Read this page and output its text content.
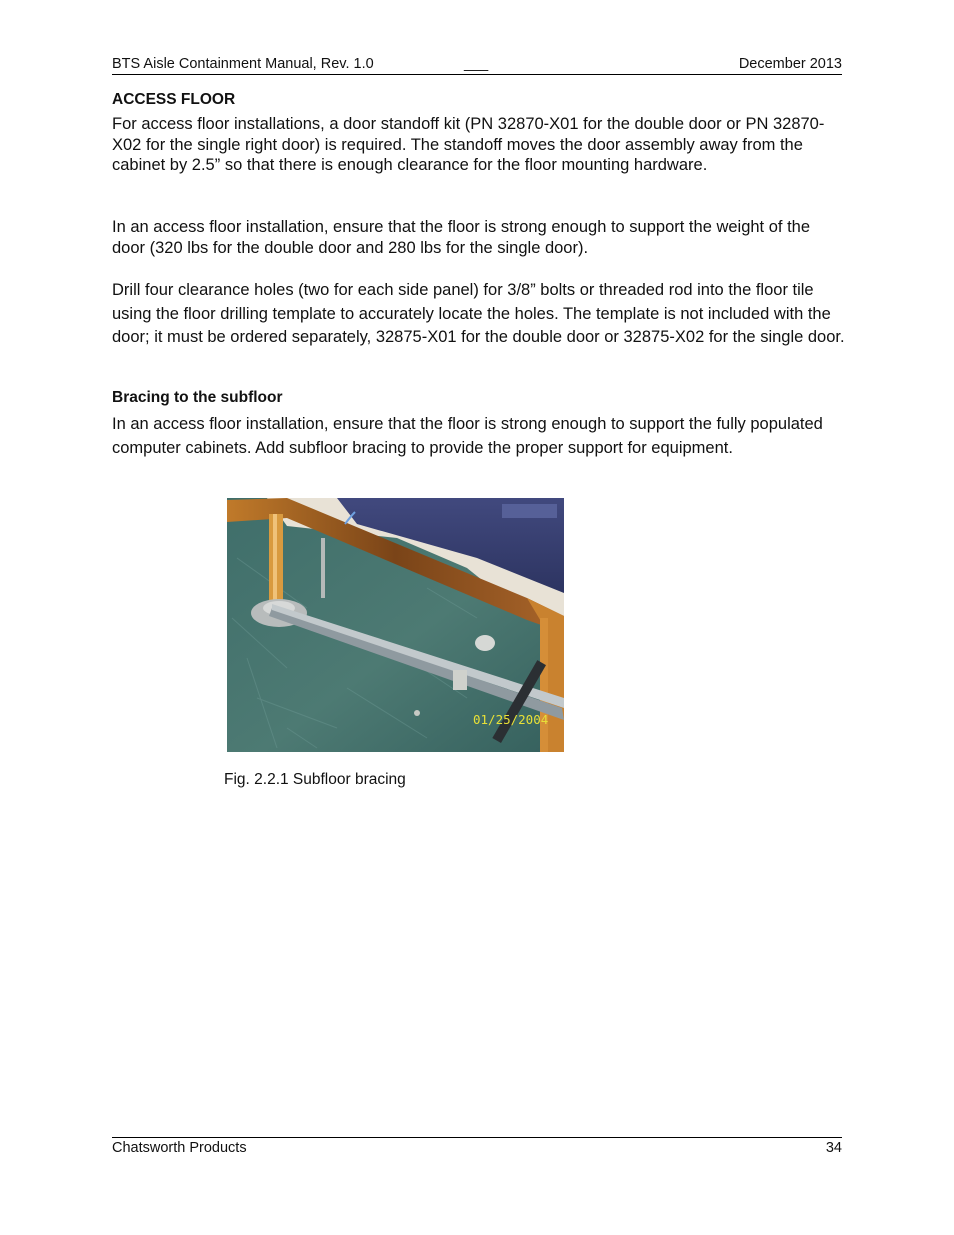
BTS Aisle Containment Manual, Rev. 1.0	___	December 2013
ACCESS FLOOR
For access floor installations, a door standoff kit (PN 32870-X01 for the double door or PN 32870-X02 for the single right door) is required. The standoff moves the door assembly away from the cabinet by 2.5” so that there is enough clearance for the floor mounting hardware.
In an access floor installation, ensure that the floor is strong enough to support the weight of the door (320 lbs for the double door and 280 lbs for the single door).
Drill four clearance holes (two for each side panel) for 3/8” bolts or threaded rod into the floor tile using the floor drilling template to accurately locate the holes. The template is not included with the door; it must be ordered separately, 32875-X01 for the double door or 32875-X02 for the single door.
Bracing to the subfloor
In an access floor installation, ensure that the floor is strong enough to support the fully populated computer cabinets. Add subfloor bracing to provide the proper support for equipment.
01/25/2004
Fig. 2.2.1 Subfloor bracing
Chatsworth Products	34
